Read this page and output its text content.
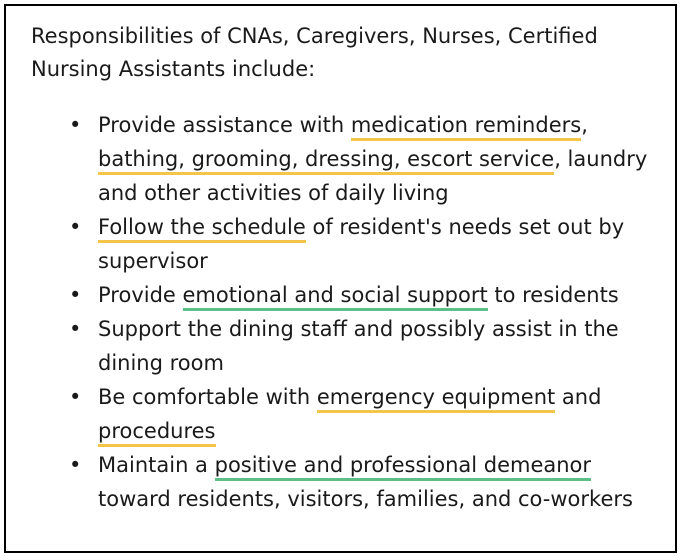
Responsibilities of CNAs, Caregivers, Nurses, Certified Nursing Assistants include:

• Provide assistance with medication reminders, bathing, grooming, dressing, escort service, laundry and other activities of daily living
• Follow the schedule of resident's needs set out by supervisor
• Provide emotional and social support to residents
• Support the dining staff and possibly assist in the dining room
• Be comfortable with emergency equipment and procedures
• Maintain a positive and professional demeanor toward residents, visitors, families, and co-workers
